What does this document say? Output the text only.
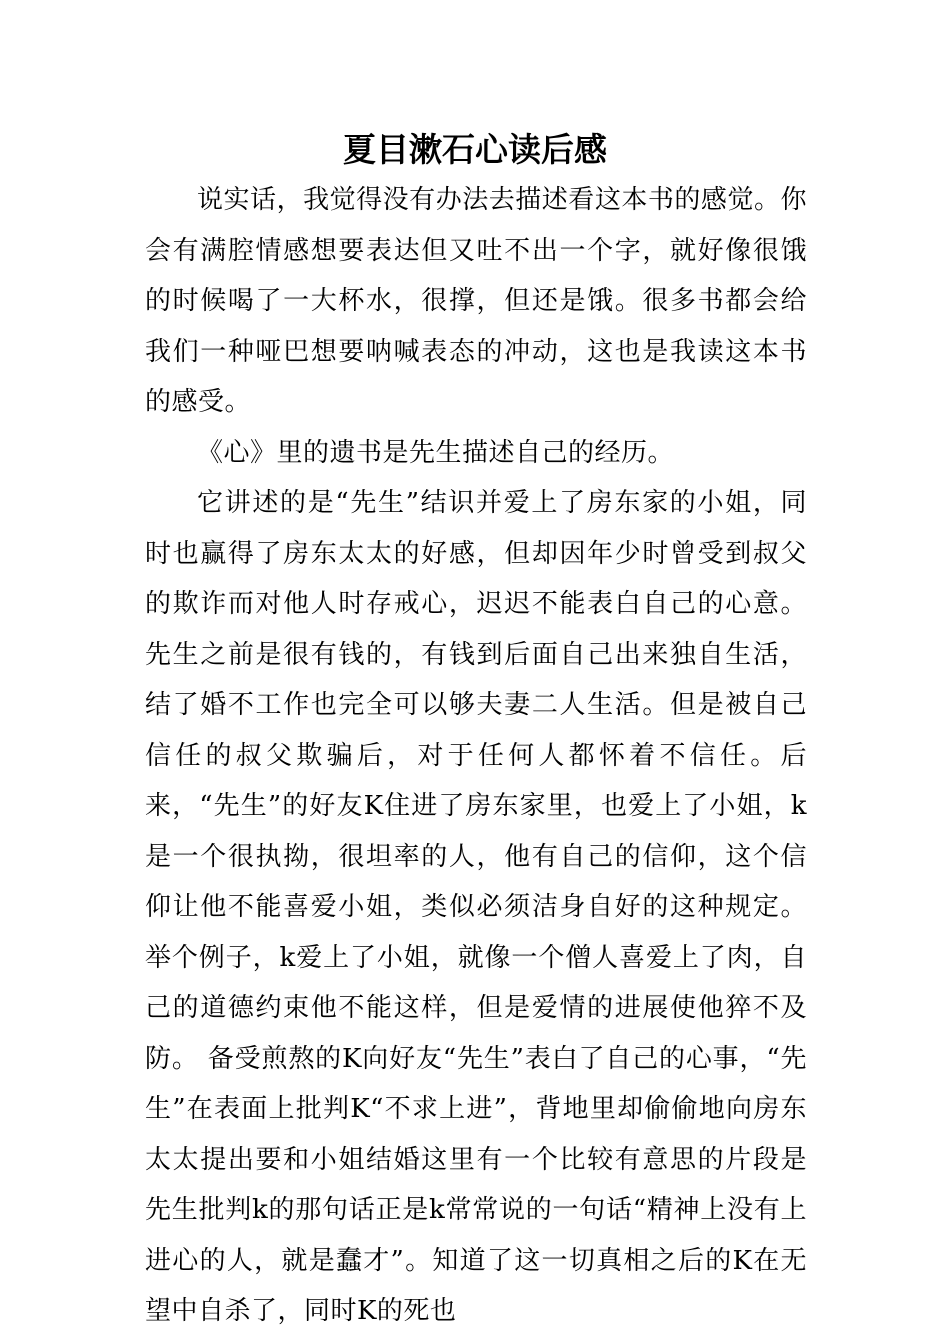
夏目漱石心读后感

说实话，我觉得没有办法去描述看这本书的感觉。你会有满腔情感想要表达但又吐不出一个字，就好像很饿的时候喝了一大杯水，很撑，但还是饿。很多书都会给我们一种哑巴想要呐喊表态的冲动，这也是我读这本书的感受。

《心》里的遗书是先生描述自己的经历。

它讲述的是“先生”结识并爱上了房东家的小姐，同时也赢得了房东太太的好感，但却因年少时曾受到叔父的欺诈而对他人时存戒心，迟迟不能表白自己的心意。先生之前是很有钱的，有钱到后面自己出来独自生活，结了婚不工作也完全可以够夫妻二人生活。但是被自己信任的叔父欺骗后，对于任何人都怀着不信任。后来，“先生”的好友K住进了房东家里，也爱上了小姐，k是一个很执拗，很坦率的人，他有自己的信仰，这个信仰让他不能喜爱小姐，类似必须洁身自好的这种规定。举个例子，k爱上了小姐，就像一个僧人喜爱上了肉，自己的道德约束他不能这样，但是爱情的进展使他猝不及防。 备受煎熬的K向好友“先生”表白了自己的心事，“先生”在表面上批判K“不求上进”，背地里却偷偷地向房东太太提出要和小姐结婚这里有一个比较有意思的片段是先生批判k的那句话正是k常常说的一句话“精神上没有上进心的人，就是蠢才”。知道了这一切真相之后的K在无望中自杀了，同时K的死也
